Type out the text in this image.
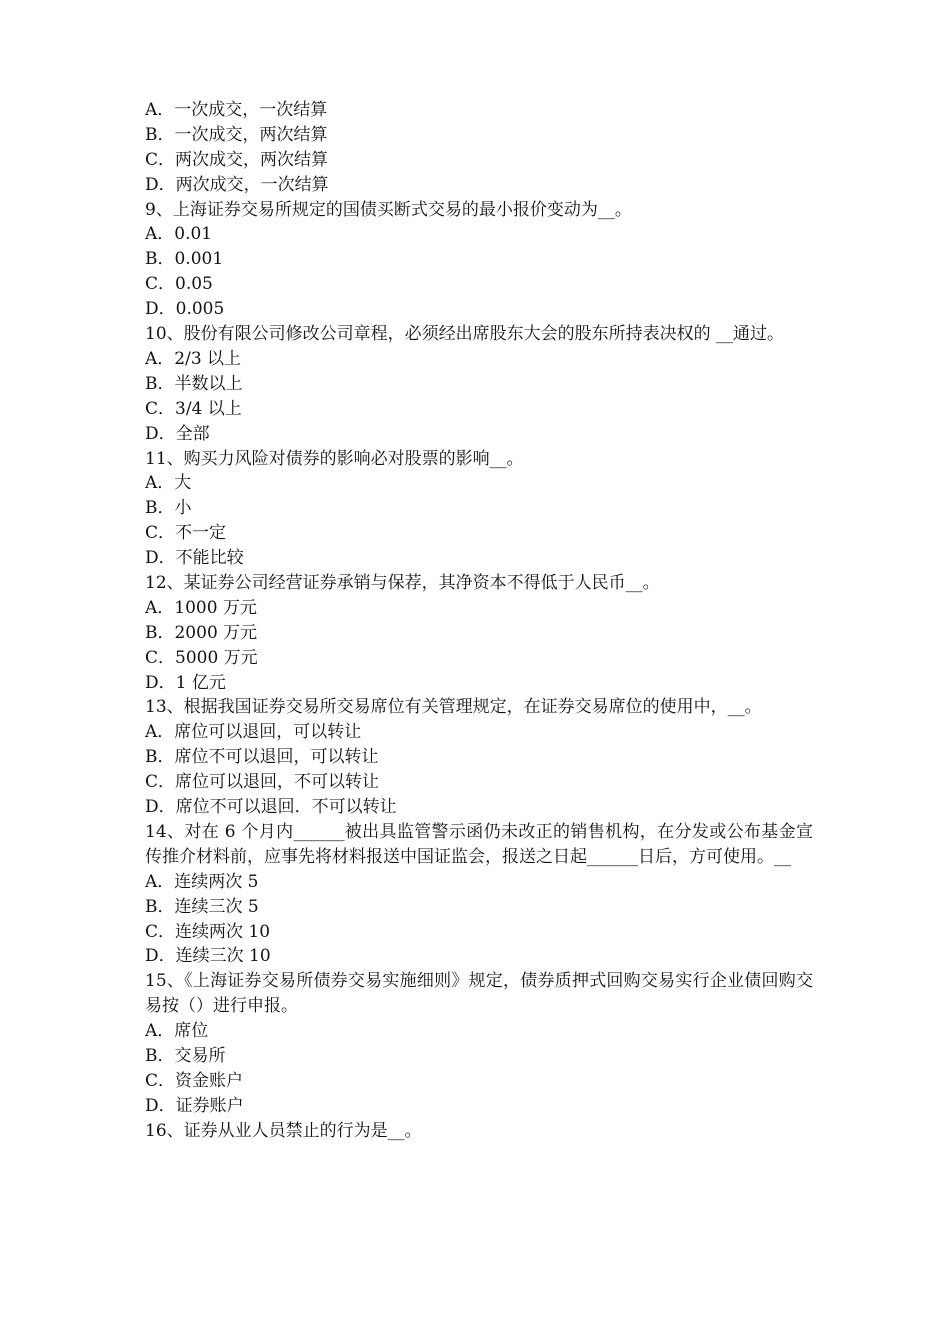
A．一次成交，一次结算
B．一次成交，两次结算
C．两次成交，两次结算
D．两次成交，一次结算
9、上海证券交易所规定的国债买断式交易的最小报价变动为__。
A．0.01
B．0.001
C．0.05
D．0.005
10、股份有限公司修改公司章程，必须经出席股东大会的股东所持表决权的 __通过。
A．2/3 以上
B．半数以上
C．3/4 以上
D．全部
11、购买力风险对债券的影响必对股票的影响__。
A．大
B．小
C．不一定
D．不能比较
12、某证券公司经营证券承销与保荐，其净资本不得低于人民币__。
A．1000 万元
B．2000 万元
C．5000 万元
D．1 亿元
13、根据我国证券交易所交易席位有关管理规定，在证券交易席位的使用中，__。
A．席位可以退回，可以转让
B．席位不可以退回，可以转让
C．席位可以退回，不可以转让
D．席位不可以退回．不可以转让
14、对在 6 个月内______被出具监管警示函仍未改正的销售机构，在分发或公布基金宣传推介材料前，应事先将材料报送中国证监会，报送之日起______日后，方可使用。__
A．连续两次 5
B．连续三次 5
C．连续两次 10
D．连续三次 10
15、《上海证券交易所债券交易实施细则》规定，债券质押式回购交易实行企业债回购交易按（）进行申报。
A．席位
B．交易所
C．资金账户
D．证券账户
16、证券从业人员禁止的行为是__。
